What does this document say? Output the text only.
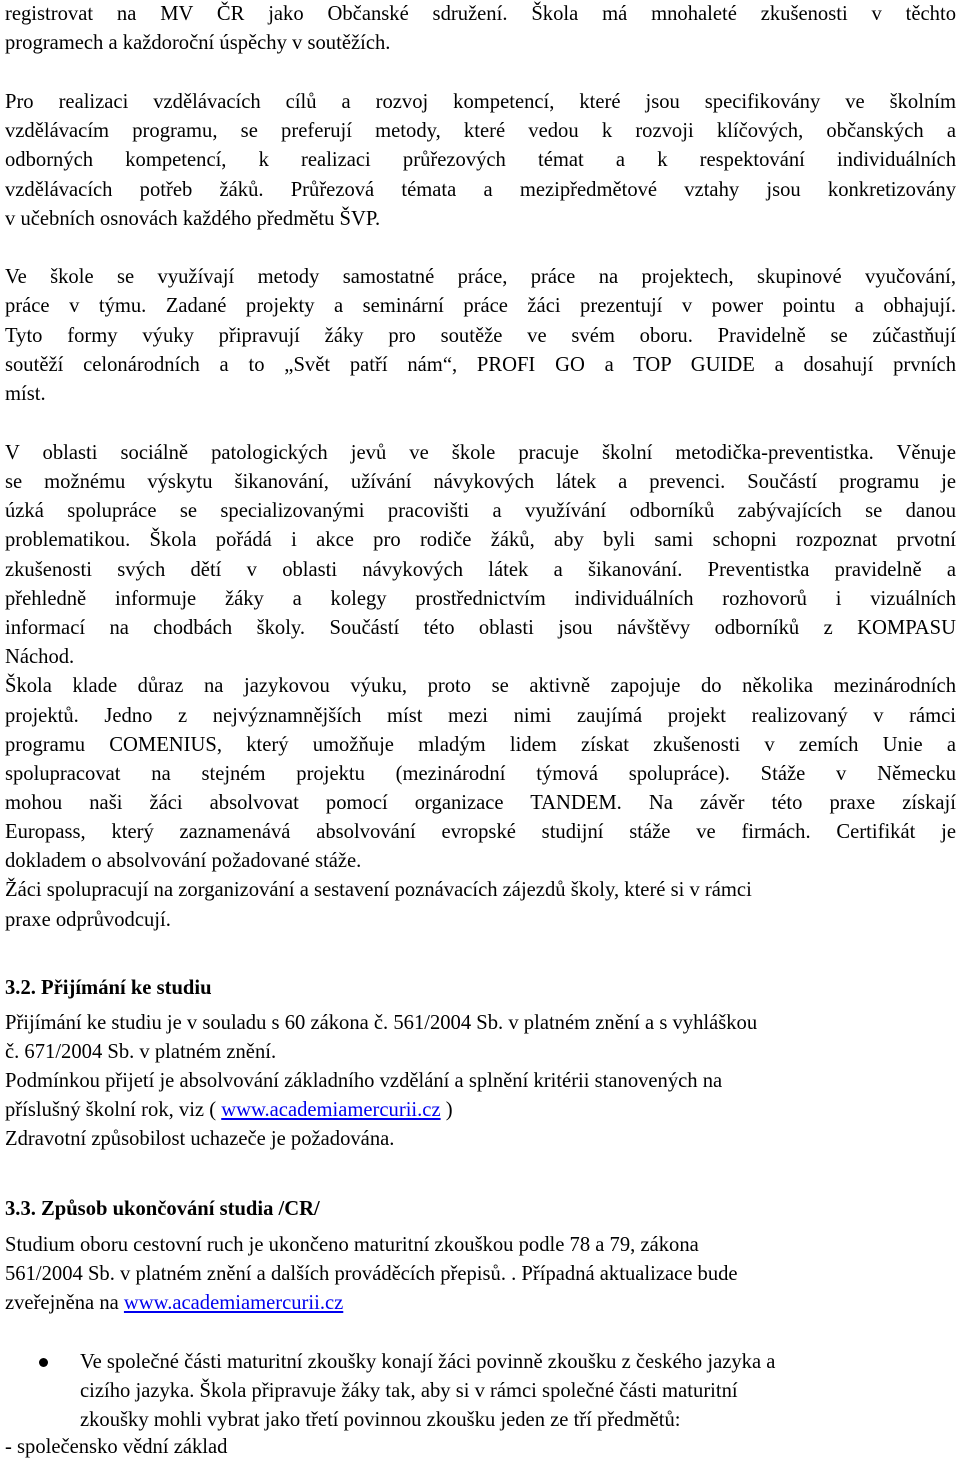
registrovat na MV ČR jako Občanské sdružení. Škola má mnohaleté zkušenosti v těchto
programech a každoroční úspěchy v soutěžích.
Pro realizaci vzdělávacích cílů a rozvoj kompetencí, které jsou specifikovány ve školním
vzdělávacím programu, se preferují metody, které vedou k rozvoji klíčových, občanských a
odborných kompetencí, k realizaci průřezových témat a k respektování individuálních
vzdělávacích potřeb žáků. Průřezová témata a mezipředmětové vztahy jsou konkretizovány
v učebních osnovách každého předmětu ŠVP.
Ve škole se využívají metody samostatné práce, práce na projektech, skupinové vyučování,
práce v týmu. Zadané projekty a seminární práce žáci prezentují v power pointu a obhajují.
Tyto formy výuky připravují žáky pro soutěže ve svém oboru. Pravidelně se zúčastňují
soutěží celonárodních a to „Svět patří nám“, PROFI GO a TOP GUIDE a dosahují prvních
míst.
V oblasti sociálně patologických jevů ve škole pracuje školní metodička-preventistka. Věnuje
se možnému výskytu šikanování, užívání návykových látek a prevenci. Součástí programu je
úzká spolupráce se specializovanými pracovišti a využívání odborníků zabývajících se danou
problematikou. Škola pořádá i akce pro rodiče žáků, aby byli sami schopni rozpoznat prvotní
zkušenosti svých dětí v oblasti návykových látek a šikanování. Preventistka pravidelně a
přehledně informuje žáky a kolegy prostřednictvím individuálních rozhovorů i vizuálních
informací na chodbách školy. Součástí této oblasti jsou návštěvy odborníků z KOMPASU
Náchod.
Škola klade důraz na jazykovou výuku, proto se aktivně zapojuje do několika mezinárodních
projektů. Jedno z nejvýznamnějších míst mezi nimi zaujímá projekt realizovaný v rámci
programu COMENIUS, který umožňuje mladým lidem získat zkušenosti v zemích Unie a
spolupracovat na stejném projektu (mezinárodní týmová spolupráce). Stáže v Německu
mohou naši žáci absolvovat pomocí organizace TANDEM. Na závěr této praxe získají
Europass, který zaznamenává absolvování evropské studijní stáže ve firmách. Certifikát je
dokladem o absolvování požadované stáže.
Žáci spolupracují na zorganizování a sestavení poznávacích zájezdů školy, které si v rámci
praxe odprůvodcují.
3.2. Přijímání ke studiu
Přijímání ke studiu je v souladu s 60 zákona č. 561/2004 Sb. v platném znění a s vyhláškou
č. 671/2004 Sb. v platném znění.
Podmínkou přijetí je absolvování základního vzdělání a splnění kritérii stanovených na
příslušný školní rok, viz ( www.academiamercurii.cz )
Zdravotní způsobilost uchazeče je požadována.
3.3. Způsob ukončování studia /CR/
Studium oboru cestovní ruch je ukončeno maturitní zkouškou podle 78 a 79, zákona
561/2004 Sb. v platném znění a dalších prováděcích přepisů. . Případná aktualizace bude
zveřejněna na www.academiamercurii.cz
Ve společné části maturitní zkoušky konají žáci povinně zkoušku z českého jazyka a
cizího jazyka. Škola připravuje žáky tak, aby si v rámci společné části maturitní
zkoušky mohli vybrat jako třetí povinnou zkoušku jeden ze tří předmětů:
- společensko vědní základ
